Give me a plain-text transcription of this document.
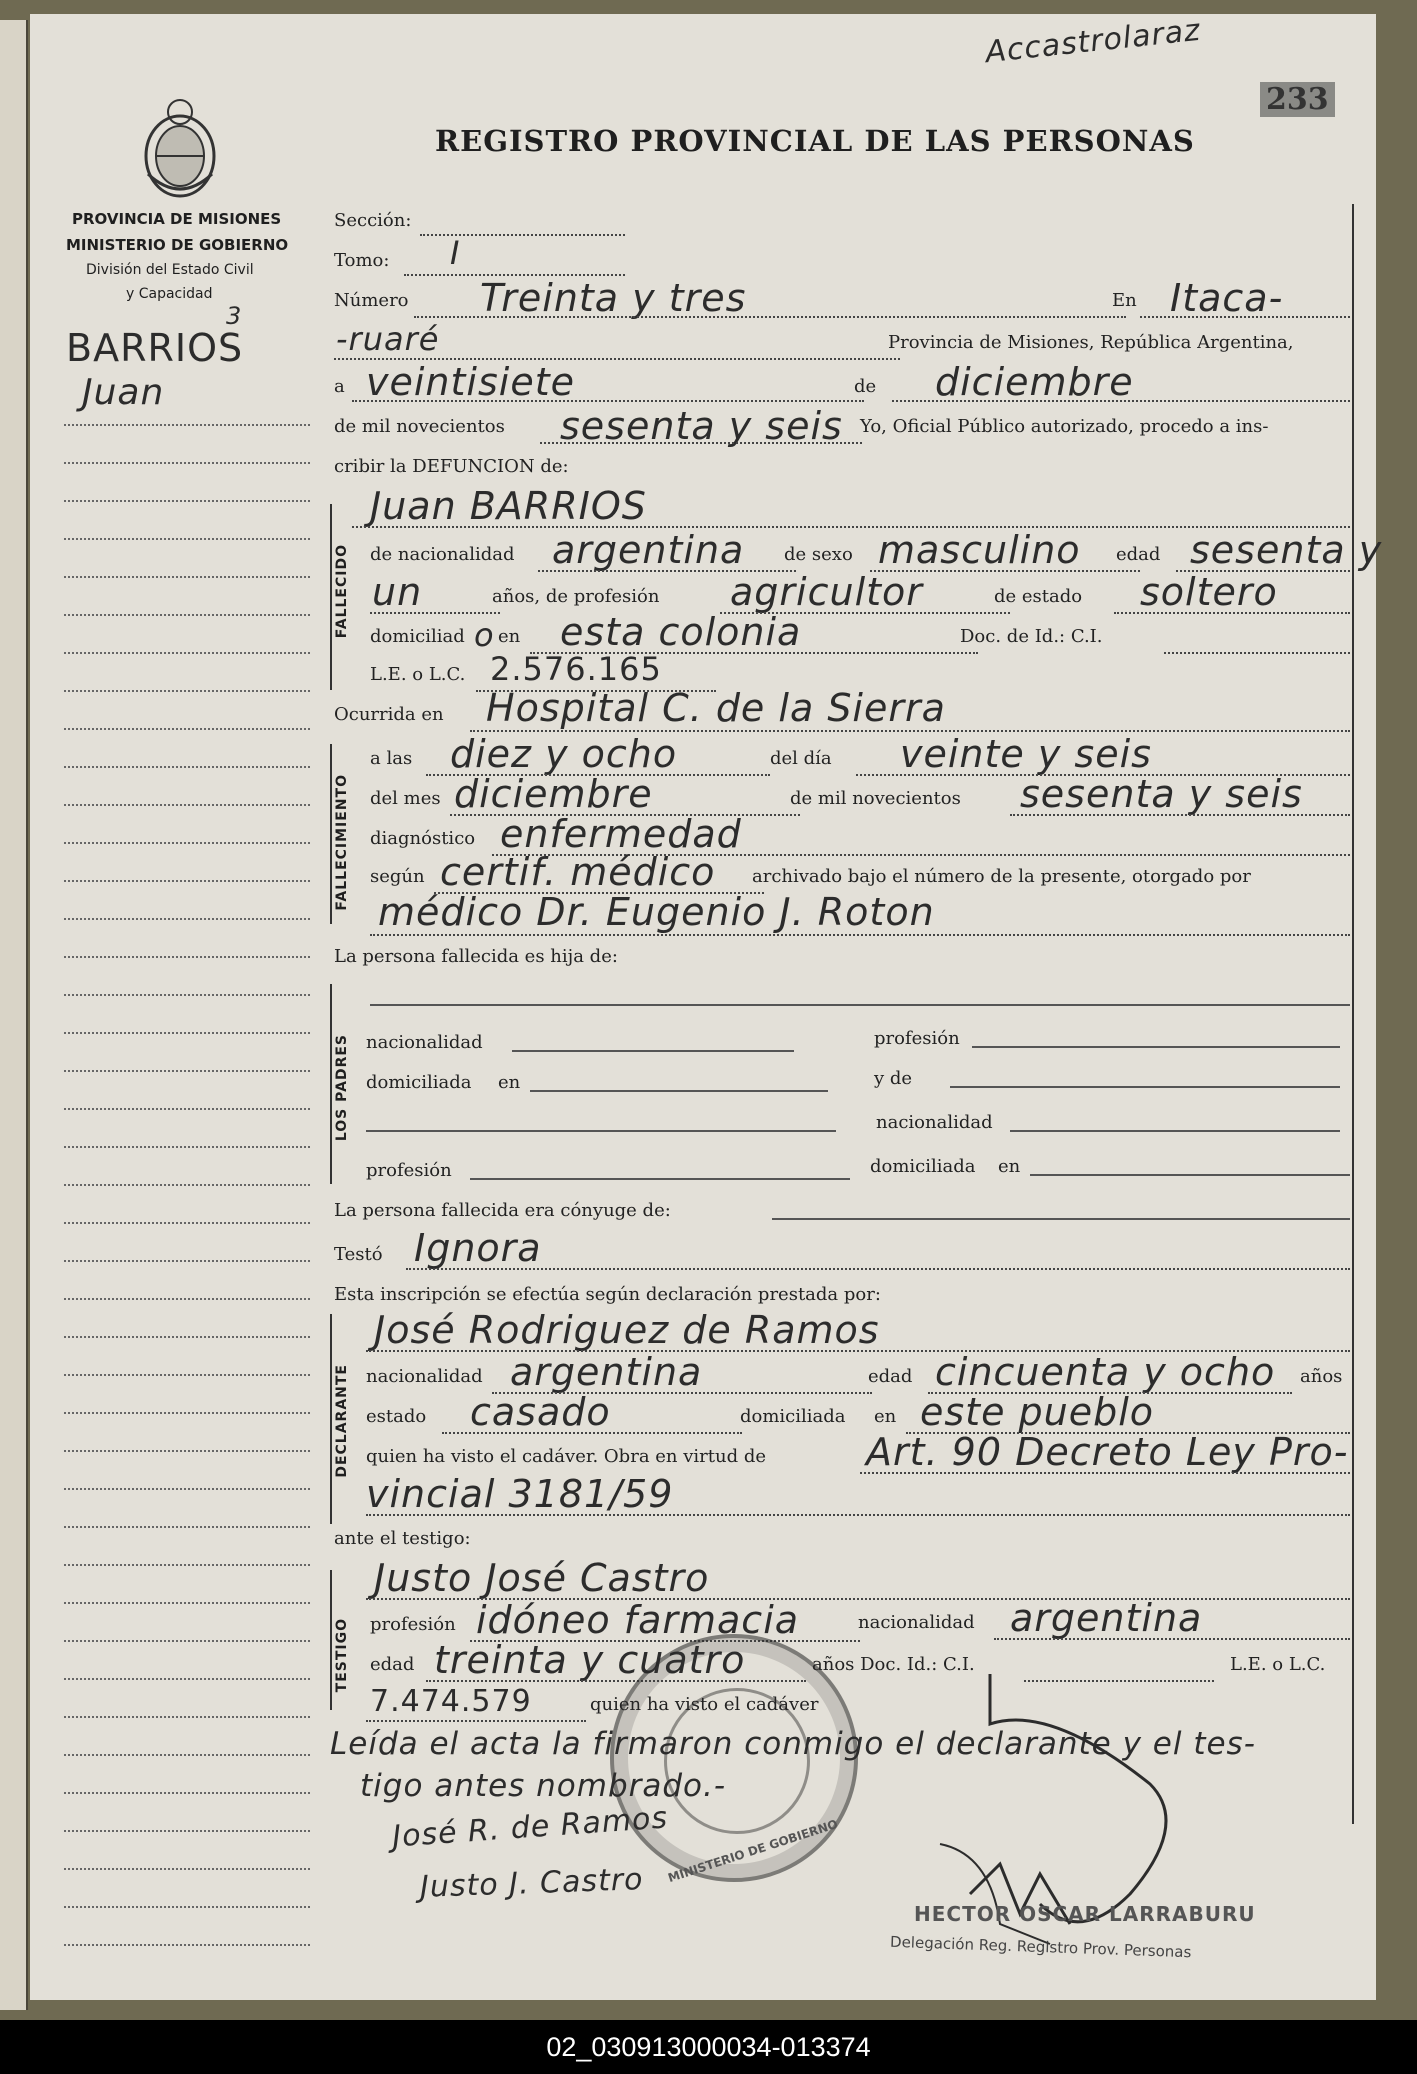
Accastrolaraz
233
REGISTRO PROVINCIAL DE LAS PERSONAS
PROVINCIA DE MISIONES
MINISTERIO DE GOBIERNO
División del Estado Civil
y Capacidad
3
BARRIOS
Juan
Sección:
Tomo: I
Número Treinta y tres	En Itaca-
-ruaré	Provincia de Misiones, República Argentina,
a veintisiete	de diciembre
de mil novecientos sesenta y seis Yo, Oficial Público autorizado, procedo a ins-
cribir la DEFUNCION de:
FALLECIDO
Juan BARRIOS
de nacionalidad argentina de sexo masculino edad sesenta y
un	años, de profesión agricultor	de estado soltero
domiciliad o en esta colonia	Doc. de Id.: C.I.
L.E. o L.C. 2.576.165
Ocurrida en Hospital C. de la Sierra
FALLECIMIENTO
a las diez y ocho	del día veinte y seis
del mes diciembre	de mil novecientos sesenta y seis
diagnóstico enfermedad
según certif. médico archivado bajo el número de la presente, otorgado por
médico Dr. Eugenio J. Roton
La persona fallecida es hija de:
LOS PADRES nacionalidad	profesión
domiciliada en	y de
nacionalidad
profesión	domiciliada en
La persona fallecida era cónyuge de:
Testó Ignora
Esta inscripción se efectúa según declaración prestada por:
DECLARANTE
José Rodriguez de Ramos
nacionalidad argentina	edad cincuenta y ocho años
estado casado	domiciliada en este pueblo
quien ha visto el cadáver. Obra en virtud de	Art. 90 Decreto Ley Pro-
vincial 3181/59
ante el testigo:
TESTIGO
Justo José Castro
profesión idóneo farmacia	nacionalidad argentina
edad treinta y cuatro	años Doc. Id.: C.I.	L.E. o L.C.
7.474.579	quien ha visto el cadáver
MINISTERIO DE GOBIERNO
Leída el acta la firmaron conmigo el declarante y el tes-
tigo antes nombrado.-
José R. de Ramos
Justo J. Castro
HECTOR OSCAR LARRABURU
Delegación Reg. Registro Prov. Personas
02_030913000034-013374
